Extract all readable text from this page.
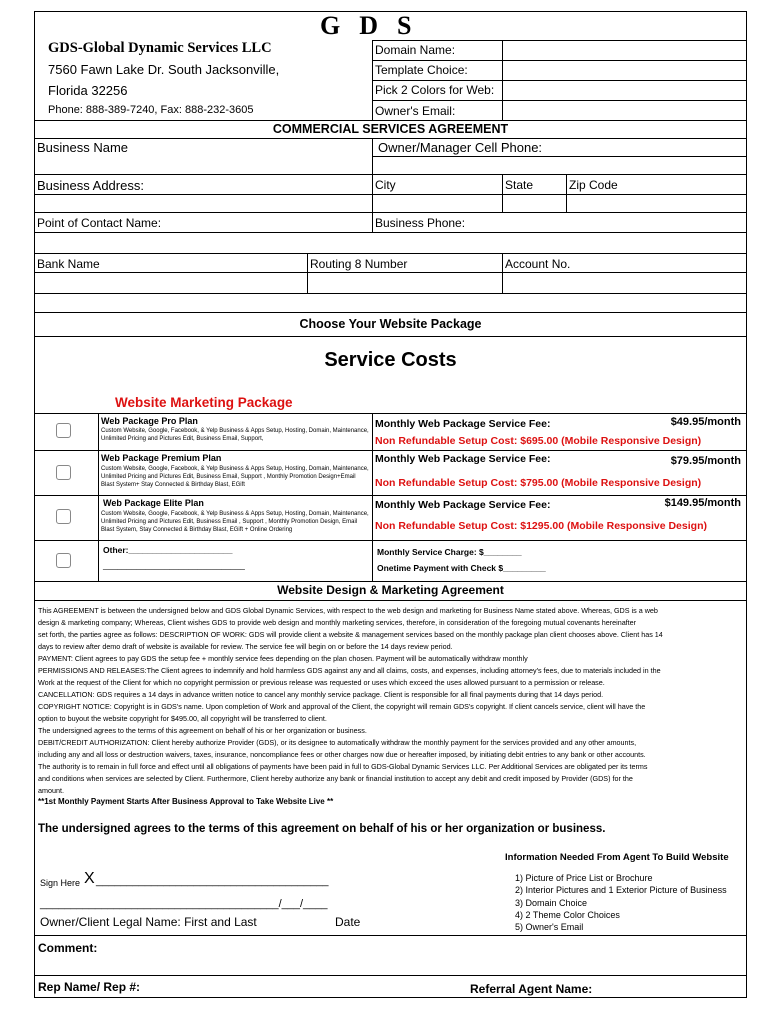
G  D  S
GDS-Global Dynamic Services LLC
7560 Fawn Lake Dr. South Jacksonville,
Florida 32256
Phone: 888-389-7240, Fax: 888-232-3605
Domain Name:
Template Choice:
Pick 2 Colors for Web:
Owner's Email:
COMMERCIAL SERVICES AGREEMENT
Business Name	Owner/Manager Cell Phone:
Business Address:	City	State	Zip Code
Point of Contact Name:	Business Phone:
Bank Name	Routing 8 Number	Account No.
Choose Your Website Package
Service Costs
Website Marketing Package
Web Package Pro Plan
Custom Website, Google, Facebook, & Yelp Business & Apps Setup, Hosting, Domain, Maintenance, Unlimited Pricing and Pictures Edit, Business Email, Support,
Monthly Web Package Service Fee:	$49.95/month
Non Refundable Setup Cost: $695.00 (Mobile Responsive Design)
Web Package Premium Plan
Custom Website, Google, Facebook, & Yelp Business & Apps Setup, Hosting, Domain, Maintenance, Unlimited Pricing and Pictures Edit, Business Email, Support , Monthly Promotion Design+Email Blast System+ Stay Connected & Birthday Blast, EGift
Monthly Web Package Service Fee:	$79.95/month
Non Refundable Setup Cost: $795.00 (Mobile Responsive Design)
Web Package Elite Plan
Custom Website, Google, Facebook, & Yelp Business & Apps Setup, Hosting, Domain, Maintenance, Unlimited Pricing and Pictures Edit, Business Email , Support , Monthly Promotion Design, Email Blast System, Stay Connected & Birthday Blast, EGift + Online Ordering
Monthly Web Package Service Fee:	$149.95/month
Non Refundable Setup Cost: $1295.00 (Mobile Responsive Design)
Other:______________________
______________________________
Monthly Service Charge: $________
Onetime Payment with Check $_________
Website Design & Marketing Agreement
This AGREEMENT is between the undersigned below and GDS Global Dynamic Services, with respect to the web design and marketing for Business Name stated above. Whereas, GDS is a web
design & marketing company; Whereas, Client wishes GDS to provide web design and monthly marketing services, therefore, in consideration of the foregoing mutual covenants hereinafter
set forth, the parties agree as follows: DESCRIPTION OF WORK: GDS will provide client a website & management services based on the monthly package plan client chooses above. Client has 14
days to review after demo draft of website is available for review. The service fee will begin on or before the 14 days review period.
PAYMENT: Client agrees to pay GDS the setup fee + monthly service fees depending on the plan chosen. Payment will be automatically withdraw monthly
PERMISSIONS AND RELEASES:The Client agrees to indemnify and hold harmless GDS against any and all claims, costs, and expenses, including attorney's fees, due to materials included in the
Work at the request of the Client for which no copyright permission or previous release was requested or uses which exceed the uses allowed pursuant to a permission or release.
CANCELLATION: GDS requires a 14 days in advance written notice to cancel any monthly service package. Client is responsible for all final payments during that 14 days period.
COPYRIGHT NOTICE: Copyright is in GDS's name. Upon completion of Work and approval of the Client, the copyright will remain GDS's copyright. If client cancels service, client will have the
option to buyout the website copyright for $495.00, all copyright will be transferred to client.
The undersigned agrees to the terms of this agreement on behalf of his or her organization or business.
DEBIT/CREDIT AUTHORIZATION: Client hereby authorize Provider (GDS), or its designee to automatically withdraw the monthly payment for the services provided and any other amounts,
including any and all loss or destruction waivers, taxes, insurance, noncompliance fees or other charges now due or hereafter imposed, by initiating debit entries to any bank or other accounts.
The authority is to remain in full force and effect until all obligations of payments have been paid in full to GDS-Global Dynamic Services LLC. Per Additional Services are obligated per its terms
and conditions when services are selected by Client. Furthermore, Client hereby authorize any bank or financial institution to accept any debit and credit imposed by Provider (GDS) for the
amount.
**1st Monthly Payment Starts After Business Approval to Take Website Live **
The undersigned agrees to the terms of this agreement on behalf of his or her organization or business.
Information Needed From Agent To Build Website
1) Picture of Price List or Brochure
2) Interior Pictures and 1 Exterior Picture of Business
3) Domain Choice
4) 2 Theme Color Choices
5) Owner's Email
Sign Here X ______________________________________
_______________________________________/___/____
Owner/Client Legal Name: First and Last	Date
Comment:
Rep Name/ Rep #:	Referral Agent Name:
